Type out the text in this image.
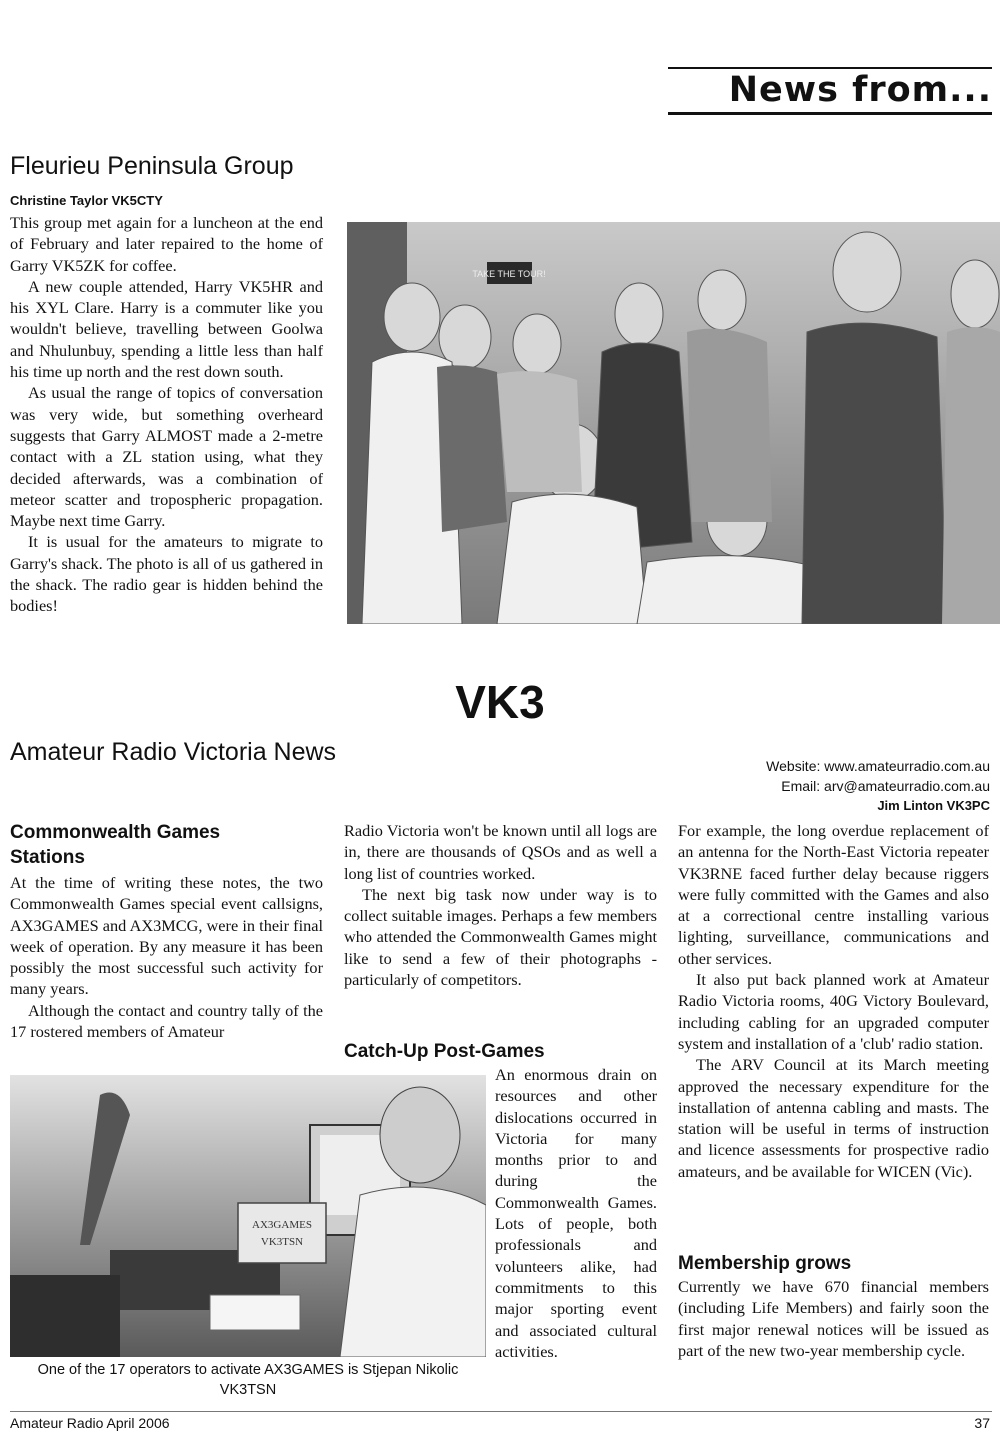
News from...
Fleurieu Peninsula Group
Christine Taylor VK5CTY

This group met again for a luncheon at the end of February and later repaired to the home of Garry VK5ZK for coffee.

A new couple attended, Harry VK5HR and his XYL Clare. Harry is a commuter like you wouldn't believe, travelling between Goolwa and Nhulunbuy, spending a little less than half his time up north and the rest down south.

As usual the range of topics of conversation was very wide, but something overheard suggests that Garry ALMOST made a 2-metre contact with a ZL station using, what they decided afterwards, was a combination of meteor scatter and tropospheric propagation. Maybe next time Garry.

It is usual for the amateurs to migrate to Garry's shack. The photo is all of us gathered in the shack. The radio gear is hidden behind the bodies!

TAKE THE TOUR!
VK3
Amateur Radio Victoria News	Website: www.amateurradio.com.au
Email: arv@amateurradio.com.au
Jim Linton VK3PC
Commonwealth Games Stations

At the time of writing these notes, the two Commonwealth Games special event callsigns, AX3GAMES and AX3MCG, were in their final week of operation. By any measure it has been possibly the most successful such activity for many years.

Although the contact and country tally of the 17 rostered members of Amateur

Radio Victoria won't be known until all logs are in, there are thousands of QSOs and as well a long list of countries worked.

The next big task now under way is to collect suitable images. Perhaps a few members who attended the Commonwealth Games might like to send a few of their photographs - particularly of competitors.

Catch-Up Post-Games

An enormous drain on resources and other dislocations occurred in Victoria for many months prior to and during the Commonwealth Games. Lots of people, both professionals and volunteers alike, had commitments to this major sporting event and associated cultural activities.

AX3GAMES
VK3TSN
One of the 17 operators to activate AX3GAMES is Stjepan Nikolic VK3TSN

For example, the long overdue replacement of an antenna for the North-East Victoria repeater VK3RNE faced further delay because riggers were fully committed with the Games and also at a correctional centre installing various lighting, surveillance, communications and other services.

It also put back planned work at Amateur Radio Victoria rooms, 40G Victory Boulevard, including cabling for an upgraded computer system and installation of a 'club' radio station.

The ARV Council at its March meeting approved the necessary expenditure for the installation of antenna cabling and masts. The station will be useful in terms of instruction and licence assessments for prospective radio amateurs, and be available for WICEN (Vic).

Membership grows

Currently we have 670 financial members (including Life Members) and fairly soon the first major renewal notices will be issued as part of the new two-year membership cycle.

Amateur Radio April 2006	37
